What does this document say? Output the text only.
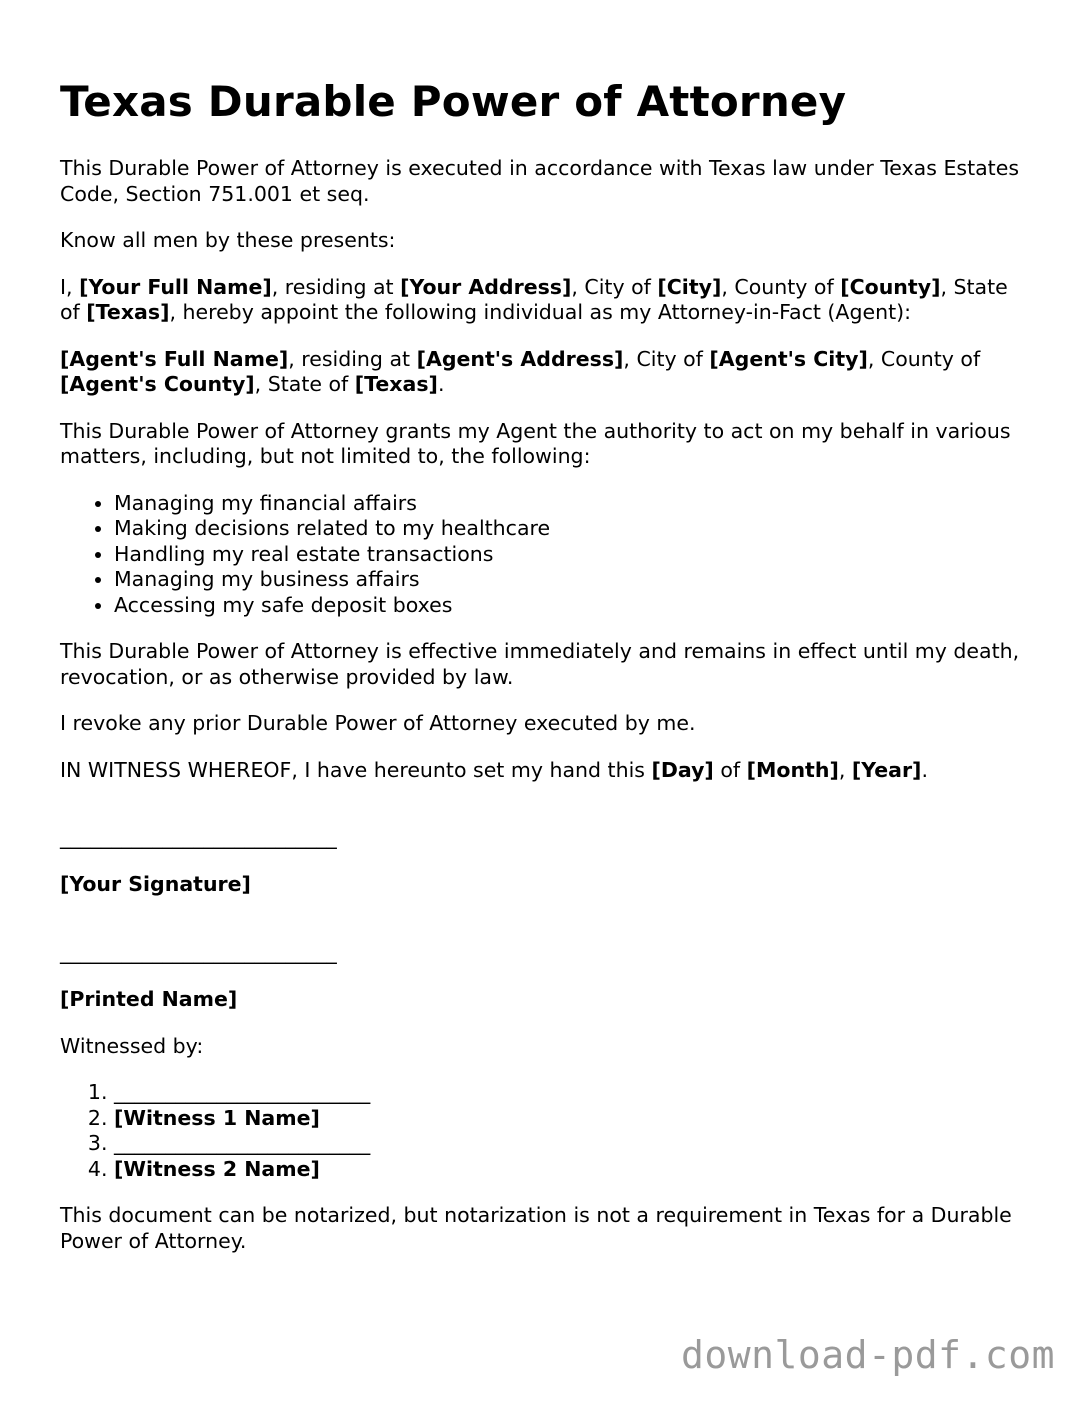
Texas Durable Power of Attorney

This Durable Power of Attorney is executed in accordance with Texas law under Texas Estates Code, Section 751.001 et seq.

Know all men by these presents:

I, [Your Full Name], residing at [Your Address], City of [City], County of [County], State of [Texas], hereby appoint the following individual as my Attorney-in-Fact (Agent):

[Agent's Full Name], residing at [Agent's Address], City of [Agent's City], County of [Agent's County], State of [Texas].

This Durable Power of Attorney grants my Agent the authority to act on my behalf in various matters, including, but not limited to, the following:

• Managing my financial affairs
• Making decisions related to my healthcare
• Handling my real estate transactions
• Managing my business affairs
• Accessing my safe deposit boxes

This Durable Power of Attorney is effective immediately and remains in effect until my death, revocation, or as otherwise provided by law.

I revoke any prior Durable Power of Attorney executed by me.

IN WITNESS WHEREOF, I have hereunto set my hand this [Day] of [Month], [Year].

___________________________

[Your Signature]

___________________________

[Printed Name]

Witnessed by:

1. _________________________
2. [Witness 1 Name]
3. _________________________
4. [Witness 2 Name]

This document can be notarized, but notarization is not a requirement in Texas for a Durable Power of Attorney.

download-pdf.com
